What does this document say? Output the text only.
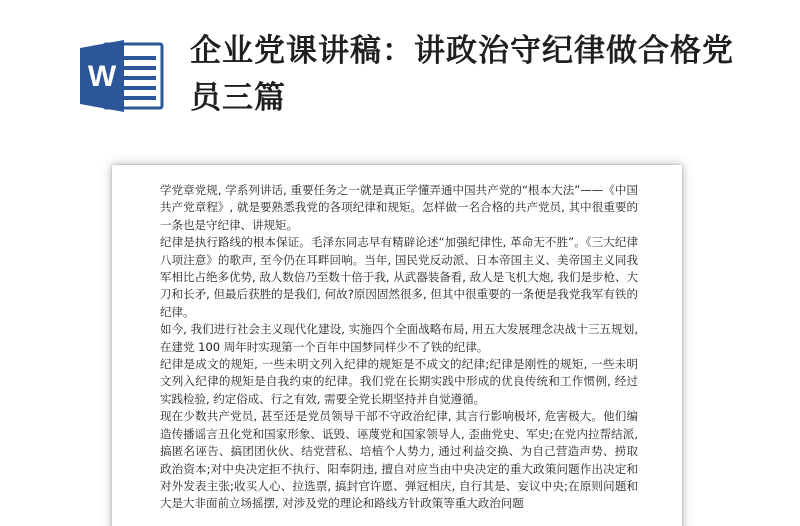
W
企业党课讲稿：讲政治守纪律做合格党员三篇

学党章党规, 学系列讲话, 重要任务之一就是真正学懂弄通中国共产党的“根本大法”——《中国共产党章程》, 就是要熟悉我党的各项纪律和规矩。怎样做一名合格的共产党员, 其中很重要的一条也是守纪律、讲规矩。

纪律是执行路线的根本保证。毛泽东同志早有精辟论述“加强纪律性, 革命无不胜”。《三大纪律八项注意》的歌声, 至今仍在耳畔回响。当年, 国民党反动派、日本帝国主义、美帝国主义同我军相比占绝多优势, 敌人数倍乃至数十倍于我, 从武器装备看, 敌人是飞机大炮, 我们是步枪、大刀和长矛, 但最后获胜的是我们, 何故?原因固然很多, 但其中很重要的一条便是我党我军有铁的纪律。

如今, 我们进行社会主义现代化建设, 实施四个全面战略布局, 用五大发展理念决战十三五规划, 在建党 100 周年时实现第一个百年中国梦同样少不了铁的纪律。

纪律是成文的规矩, 一些未明文列入纪律的规矩是不成文的纪律;纪律是刚性的规矩, 一些未明文列入纪律的规矩是自我约束的纪律。我们党在长期实践中形成的优良传统和工作惯例, 经过实践检验, 约定俗成、行之有效, 需要全党长期坚持并自觉遵循。

现在少数共产党员, 甚至还是党员领导干部不守政治纪律, 其言行影响极坏, 危害极大。他们编造传播谣言丑化党和国家形象、诋毁、诬蔑党和国家领导人, 歪曲党史、军史;在党内拉帮结派, 搞匿名诬告、搞团团伙伙、结党营私、培植个人势力, 通过利益交换、为自己营造声势、捞取政治资本;对中央决定拒不执行、阳奉阴违, 擅自对应当由中央决定的重大政策问题作出决定和对外发表主张;收买人心、拉选票, 搞封官许愿、弹冠相庆, 自行其是、妄议中央;在原则问题和大是大非面前立场摇摆, 对涉及党的理论和路线方针政策等重大政治问题
